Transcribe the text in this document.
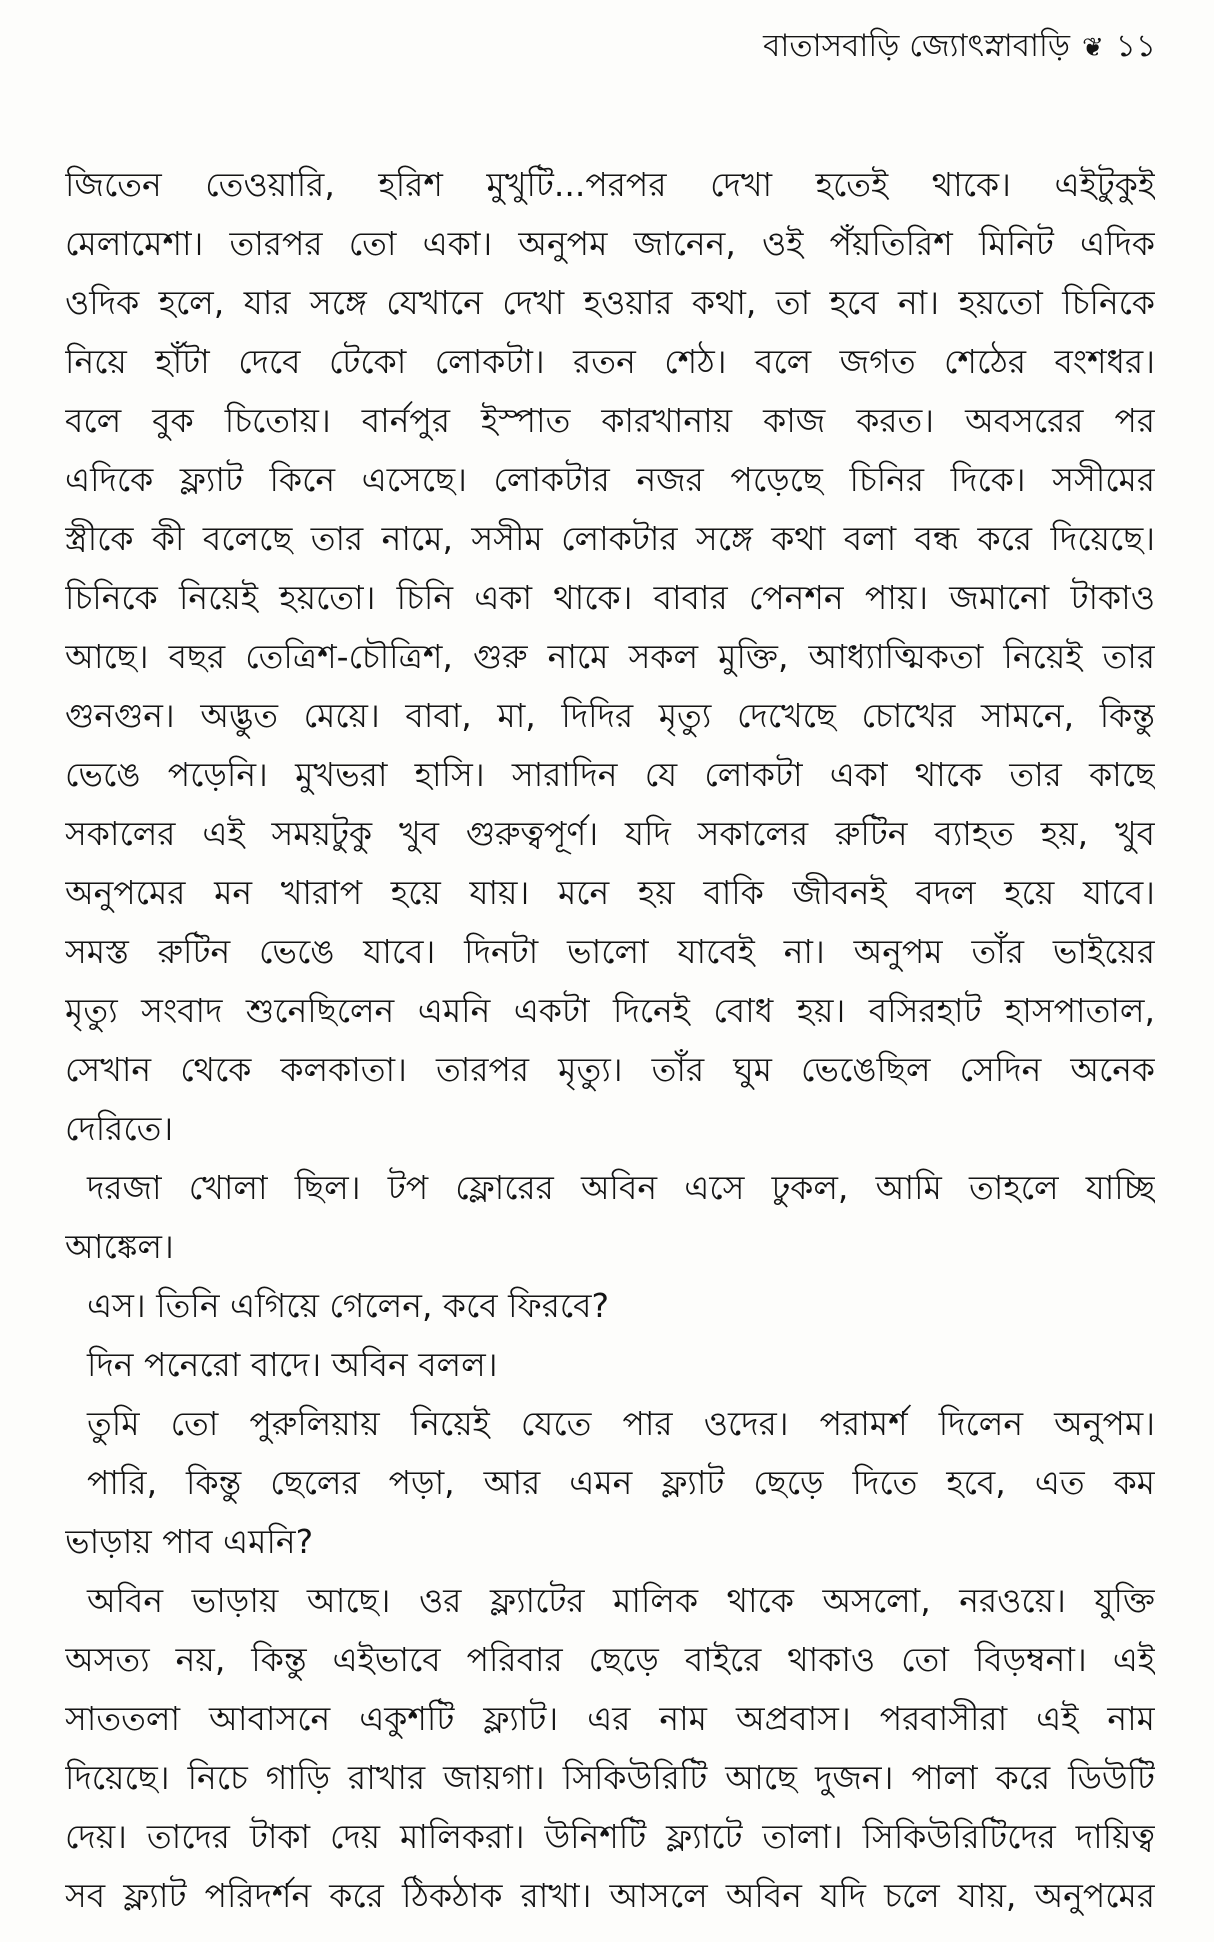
বাতাসবাড়ি জ্যোৎস্নাবাড়ি ❦ ১১
জিতেন তেওয়ারি, হরিশ মুখুটি...পরপর দেখা হতেই থাকে। এইটুকুই
মেলামেশা। তারপর তো একা। অনুপম জানেন, ওই পঁয়তিরিশ মিনিট এদিক
ওদিক হলে, যার সঙ্গে যেখানে দেখা হওয়ার কথা, তা হবে না। হয়তো চিনিকে
নিয়ে হাঁটা দেবে টেকো লোকটা। রতন শেঠ। বলে জগত শেঠের বংশধর।
বলে বুক চিতোয়। বার্নপুর ইস্পাত কারখানায় কাজ করত। অবসরের পর
এদিকে ফ্ল্যাট কিনে এসেছে। লোকটার নজর পড়েছে চিনির দিকে। সসীমের
স্ত্রীকে কী বলেছে তার নামে, সসীম লোকটার সঙ্গে কথা বলা বন্ধ করে দিয়েছে।
চিনিকে নিয়েই হয়তো। চিনি একা থাকে। বাবার পেনশন পায়। জমানো টাকাও
আছে। বছর তেত্রিশ-চৌত্রিশ, গুরু নামে সকল মুক্তি, আধ্যাত্মিকতা নিয়েই তার
গুনগুন। অদ্ভুত মেয়ে। বাবা, মা, দিদির মৃত্যু দেখেছে চোখের সামনে, কিন্তু
ভেঙে পড়েনি। মুখভরা হাসি। সারাদিন যে লোকটা একা থাকে তার কাছে
সকালের এই সময়টুকু খুব গুরুত্বপূর্ণ। যদি সকালের রুটিন ব্যাহত হয়, খুব
অনুপমের মন খারাপ হয়ে যায়। মনে হয় বাকি জীবনই বদল হয়ে যাবে।
সমস্ত রুটিন ভেঙে যাবে। দিনটা ভালো যাবেই না। অনুপম তাঁর ভাইয়ের
মৃত্যু সংবাদ শুনেছিলেন এমনি একটা দিনেই বোধ হয়। বসিরহাট হাসপাতাল,
সেখান থেকে কলকাতা। তারপর মৃত্যু। তাঁর ঘুম ভেঙেছিল সেদিন অনেক
দেরিতে।
দরজা খোলা ছিল। টপ ফ্লোরের অবিন এসে ঢুকল, আমি তাহলে যাচ্ছি
আঙ্কেল।
এস। তিনি এগিয়ে গেলেন, কবে ফিরবে?
দিন পনেরো বাদে। অবিন বলল।
তুমি তো পুরুলিয়ায় নিয়েই যেতে পার ওদের। পরামর্শ দিলেন অনুপম।
পারি, কিন্তু ছেলের পড়া, আর এমন ফ্ল্যাট ছেড়ে দিতে হবে, এত কম
ভাড়ায় পাব এমনি?
অবিন ভাড়ায় আছে। ওর ফ্ল্যাটের মালিক থাকে অসলো, নরওয়ে। যুক্তি
অসত্য নয়, কিন্তু এইভাবে পরিবার ছেড়ে বাইরে থাকাও তো বিড়ম্বনা। এই
সাততলা আবাসনে একুশটি ফ্ল্যাট। এর নাম অপ্রবাস। পরবাসীরা এই নাম
দিয়েছে। নিচে গাড়ি রাখার জায়গা। সিকিউরিটি আছে দুজন। পালা করে ডিউটি
দেয়। তাদের টাকা দেয় মালিকরা। উনিশটি ফ্ল্যাটে তালা। সিকিউরিটিদের দায়িত্ব
সব ফ্ল্যাট পরিদর্শন করে ঠিকঠাক রাখা। আসলে অবিন যদি চলে যায়, অনুপমের
